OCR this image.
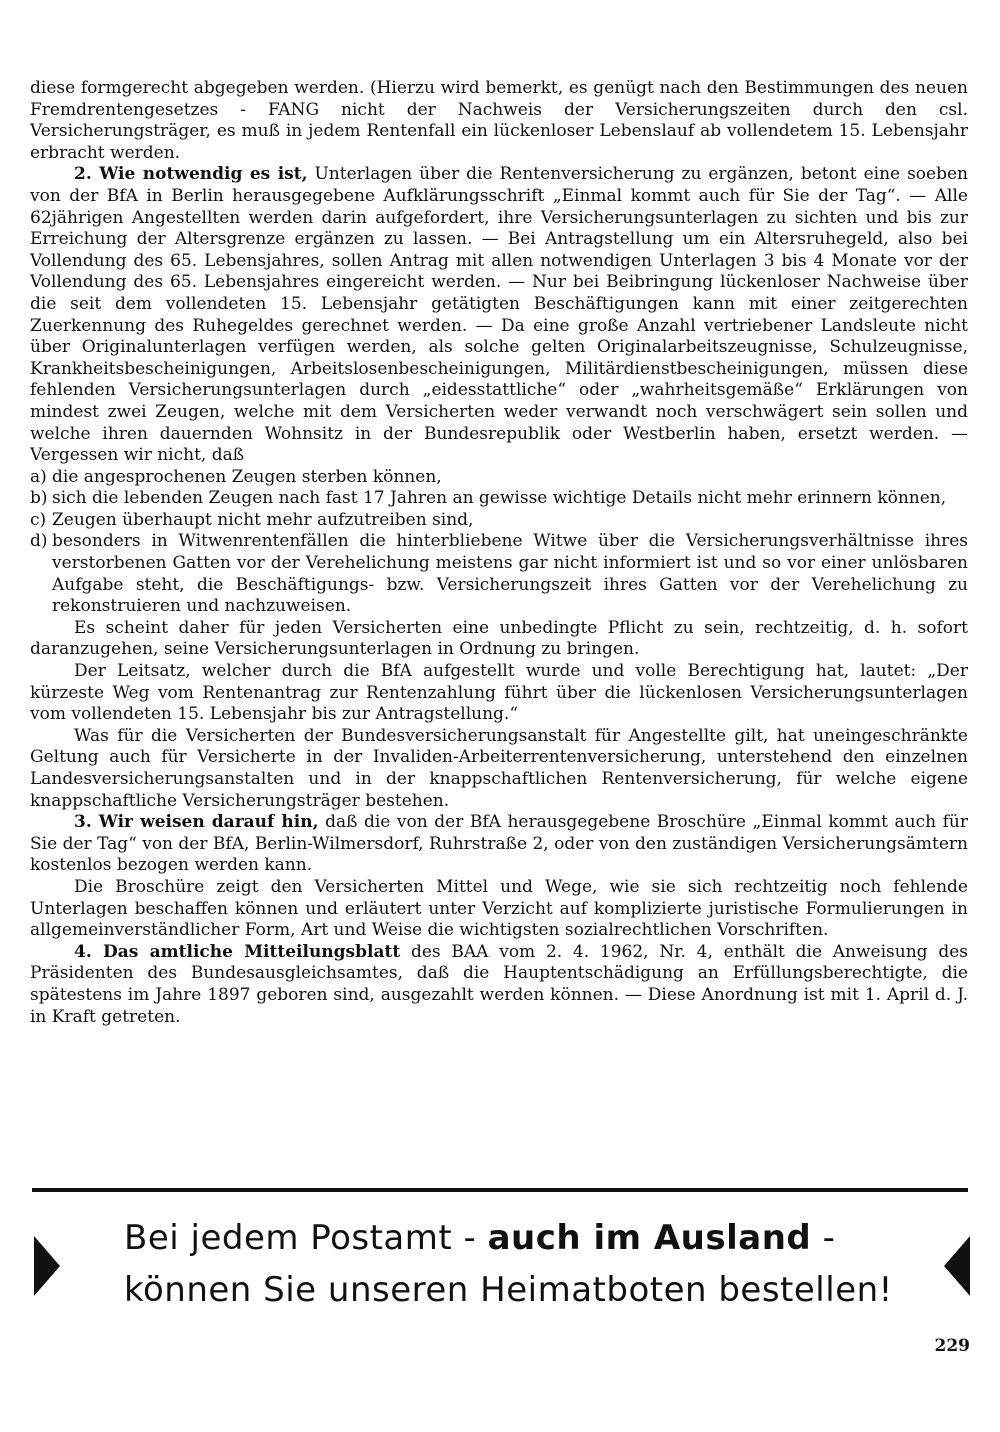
diese formgerecht abgegeben werden. (Hierzu wird bemerkt, es genügt nach den Bestimmungen des neuen Fremdrentengesetzes - FANG nicht der Nachweis der Versicherungszeiten durch den csl. Versicherungsträger, es muß in jedem Rentenfall ein lückenloser Lebenslauf ab vollendetem 15. Lebensjahr erbracht werden.

2. Wie notwendig es ist, Unterlagen über die Rentenversicherung zu ergänzen, betont eine soeben von der BfA in Berlin herausgegebene Aufklärungsschrift „Einmal kommt auch für Sie der Tag“. — Alle 62jährigen Angestellten werden darin aufgefordert, ihre Versicherungsunterlagen zu sichten und bis zur Erreichung der Altersgrenze ergänzen zu lassen. — Bei Antragstellung um ein Altersruhegeld, also bei Vollendung des 65. Lebensjahres, sollen Antrag mit allen notwendigen Unterlagen 3 bis 4 Monate vor der Vollendung des 65. Lebensjahres eingereicht werden. — Nur bei Beibringung lückenloser Nachweise über die seit dem vollendeten 15. Lebensjahr getätigten Beschäftigungen kann mit einer zeitgerechten Zuerkennung des Ruhegeldes gerechnet werden. — Da eine große Anzahl vertriebener Landsleute nicht über Originalunterlagen verfügen werden, als solche gelten Originalarbeitszeugnisse, Schulzeugnisse, Krankheitsbescheinigungen, Arbeitslosenbescheinigungen, Militärdienstbescheinigungen, müssen diese fehlenden Versicherungsunterlagen durch „eidesstattliche“ oder „wahrheitsgemäße“ Erklärungen von mindest zwei Zeugen, welche mit dem Versicherten weder verwandt noch verschwägert sein sollen und welche ihren dauernden Wohnsitz in der Bundesrepublik oder Westberlin haben, ersetzt werden. — Vergessen wir nicht, daß

a) die angesprochenen Zeugen sterben können,
b) sich die lebenden Zeugen nach fast 17 Jahren an gewisse wichtige Details nicht mehr erinnern können,
c) Zeugen überhaupt nicht mehr aufzutreiben sind,
d) besonders in Witwenrentenfällen die hinterbliebene Witwe über die Versicherungsverhältnisse ihres verstorbenen Gatten vor der Verehelichung meistens gar nicht informiert ist und so vor einer unlösbaren Aufgabe steht, die Beschäftigungs- bzw. Versicherungszeit ihres Gatten vor der Verehelichung zu rekonstruieren und nachzuweisen.

Es scheint daher für jeden Versicherten eine unbedingte Pflicht zu sein, rechtzeitig, d. h. sofort daranzugehen, seine Versicherungsunterlagen in Ordnung zu bringen.

Der Leitsatz, welcher durch die BfA aufgestellt wurde und volle Berechtigung hat, lautet: „Der kürzeste Weg vom Rentenantrag zur Rentenzahlung führt über die lückenlosen Versicherungsunterlagen vom vollendeten 15. Lebensjahr bis zur Antragstellung.“

Was für die Versicherten der Bundesversicherungsanstalt für Angestellte gilt, hat uneingeschränkte Geltung auch für Versicherte in der Invaliden-Arbeiterrentenversicherung, unterstehend den einzelnen Landesversicherungsanstalten und in der knappschaftlichen Rentenversicherung, für welche eigene knappschaftliche Versicherungsträger bestehen.

3. Wir weisen darauf hin, daß die von der BfA herausgegebene Broschüre „Einmal kommt auch für Sie der Tag“ von der BfA, Berlin-Wilmersdorf, Ruhrstraße 2, oder von den zuständigen Versicherungsämtern kostenlos bezogen werden kann.

Die Broschüre zeigt den Versicherten Mittel und Wege, wie sie sich rechtzeitig noch fehlende Unterlagen beschaffen können und erläutert unter Verzicht auf komplizierte juristische Formulierungen in allgemeinverständlicher Form, Art und Weise die wichtigsten sozialrechtlichen Vorschriften.

4. Das amtliche Mitteilungsblatt des BAA vom 2. 4. 1962, Nr. 4, enthält die Anweisung des Präsidenten des Bundesausgleichsamtes, daß die Hauptentschädigung an Erfüllungsberechtigte, die spätestens im Jahre 1897 geboren sind, ausgezahlt werden können. — Diese Anordnung ist mit 1. April d. J. in Kraft getreten.

Bei jedem Postamt - auch im Ausland -
können Sie unseren Heimatboten bestellen!
229
